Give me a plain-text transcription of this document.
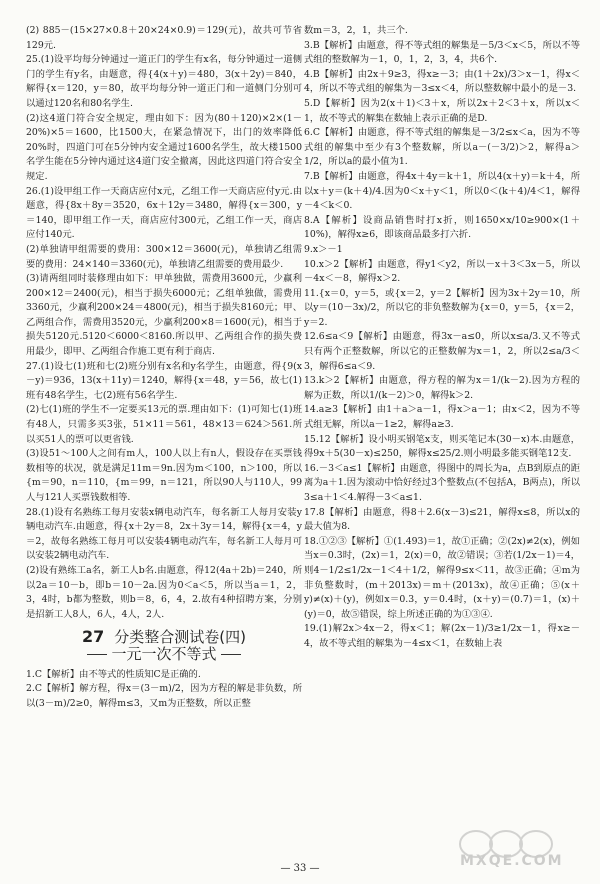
(2) 885－(15×27×0.8＋20×24×0.9)＝129(元)，故共可节省129元.

25.(1)设平均每分钟通过一道正门的学生有x名，每分钟通过一道侧门的学生有y名，由题意，得{4(x＋y)＝480，3(x＋2y)＝840，解得{x＝120，y＝80，故平均每分钟一道正门和一道侧门分别可以通过120名和80名学生.

(2)这4道门符合安全规定，理由如下：因为(80＋120)×2×(1－20%)×5＝1600，比1500大，在紧急情况下，出门的效率降低20%时，四道门可在5分钟内安全通过1600名学生，故大楼1500名学生能在5分钟内通过这4道门安全撤离，因此这四道门符合安全规定.

26.(1)设甲组工作一天商店应付x元，乙组工作一天商店应付y元.由题意，得{8x＋8y＝3520，6x＋12y＝3480，解得{x＝300，y＝140，即甲组工作一天，商店应付300元，乙组工作一天，商店应付140元.

(2)单独请甲组需要的费用：300×12＝3600(元)，单独请乙组需要的费用：24×140＝3360(元)，单独请乙组需要的费用最少.

(3)请两组同时装修理由如下：甲单独做，需费用3600元，少赢利200×12＝2400(元)，相当于损失6000元；乙组单独做，需费用3360元，少赢利200×24＝4800(元)，相当于损失8160元；甲、乙两组合作，需费用3520元，少赢利200×8＝1600(元)，相当于损失5120元.5120＜6000＜8160.所以甲、乙两组合作的损失费用最少，即甲、乙两组合作施工更有利于商店.

27.(1)设七(1)班和七(2)班分别有x名和y名学生，由题意，得{9(x－y)＝936，13(x＋11y)＝1240，解得{x＝48，y＝56，故七(1)班有48名学生，七(2)班有56名学生.

(2)七(1)班的学生不一定要买13元的票.理由如下：(1)可知七(1)班有48人，只需多买3张，51×11＝561，48×13＝624＞561.所以买51人的票可以更省钱.

(3)设51～100人之间有m人，100人以上有n人，假设存在买票钱数相等的状况，就是满足11m＝9n.因为m＜100，n＞100，所以{m＝90，n＝110，{m＝99，n＝121，所以90人与110人，99人与121人买票钱数相等.

28.(1)设有名熟练工每月安装x辆电动汽车，每名新工人每月安装y辆电动汽车.由题意，得{x＋2y＝8，2x＋3y＝14，解得{x＝4，y＝2，故每名熟练工每月可以安装4辆电动汽车，每名新工人每月可以安装2辆电动汽车.

(2)设有熟练工a名，新工人b名.由题意，得12(4a＋2b)＝240，所以2a＝10－b，即b＝10－2a.因为0＜a＜5，所以当a＝1，2，3，4时，b都为整数，则b＝8，6，4，2.故有4种招聘方案，分别是招新工人8人，6人，4人，2人.

27 分类整合测试卷(四)
一元一次不等式

1.C【解析】由不等式的性质知C是正确的.

2.C【解析】解方程，得x＝(3－m)/2，因为方程的解是非负数，所以(3－m)/2≥0，解得m≤3，又m为正整数，所以正整

数m＝3，2，1，共三个.

3.B【解析】由题意，得不等式组的解集是－5/3＜x＜5，所以不等式组的整数解为－1，0，1，2，3，4，共6个.

4.B【解析】由2x＋9≥3，得x≥－3；由(1＋2x)/3＞x－1，得x＜4，所以不等式组的解集为－3≤x＜4，所以整数解中最小的是－3.

5.D【解析】因为2(x＋1)＜3＋x，所以2x＋2＜3＋x，所以x＜1，故不等式的解集在数轴上表示正确的是D.

6.C【解析】由题意，得不等式组的解集是－3/2≤x＜a，因为不等式组的解集中至少有3个整数解，所以a－(－3/2)＞2，解得a＞1/2，所以a的最小值为1.

7.B【解析】由题意，得4x＋4y＝k＋1，所以4(x＋y)＝k＋4，所以x＋y＝(k＋4)/4.因为0＜x＋y＜1，所以0＜(k＋4)/4＜1，解得－4＜k＜0.

8.A【解析】设商品销售时打x折，则1650×x/10≥900×(1＋10%)，解得x≥6，即该商品最多打六折.

9.x＞－1

10.x＞2【解析】由题意，得y1＜y2，所以－x＋3＜3x－5，所以－4x＜－8，解得x＞2.

11.{x＝0，y＝5，或{x＝2，y＝2【解析】因为3x＋2y＝10，所以y＝(10－3x)/2，所以它的非负整数解为{x＝0，y＝5，{x＝2，y＝2.

12.6≤a＜9【解析】由题意，得3x－a≤0，所以x≤a/3.又不等式只有两个正整数解，所以它的正整数解为x＝1，2，所以2≤a/3＜3，解得6≤a＜9.

13.k＞2【解析】由题意，得方程的解为x＝1/(k－2).因为方程的解为正数，所以1/(k－2)＞0，解得k＞2.

14.a≥3【解析】由1＋a＞a－1，得x＞a－1；由x＜2，因为不等式组无解，所以a－1≥2，解得a≥3.

15.12【解析】设小明买钢笔x支，则买笔记本(30－x)本.由题意，得9x＋5(30－x)≤250，解得x≤25/2.则小明最多能买钢笔12支.

16.－3＜a≤1【解析】由题意，得图中的周长为a，点B到原点的距离为a＋1.因为滚动中恰好经过3个整数点(不包括A，B两点)，所以3≤a＋1＜4.解得－3＜a≤1.

17.8【解析】由题意，得8＋2.6(x－3)≤21，解得x≤8，所以x的最大值为8.

18.①②③【解析】①(1.493)＝1，故①正确；②(2x)≠2(x)，例如当x＝0.3时，(2x)＝1，2(x)＝0，故②错误；③若(1/2x－1)＝4，则4－1/2≤1/2x－1＜4＋1/2，解得9≤x＜11，故③正确；④m为非负整数时，(m＋2013x)＝m＋(2013x)，故④正确；⑤(x＋y)≠(x)＋(y)，例如x＝0.3，y＝0.4时，(x＋y)＝(0.7)＝1，(x)＋(y)＝0，故⑤错误，综上所述正确的为①③④.

19.(1)解2x＞4x－2，得x＜1；解(2x－1)/3≥1/2x－1，得x≥－4，故不等式组的解集为－4≤x＜1，在数轴上表

— 33 —	MXQE.COM
